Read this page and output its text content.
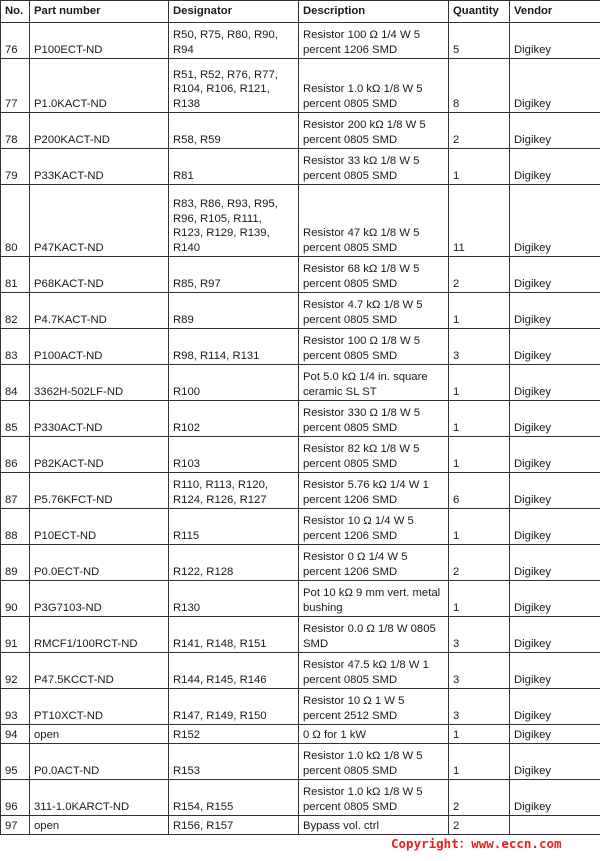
No.	Part number	Designator	Description	Quantity	Vendor
76	P100ECT-ND	R50, R75, R80, R90, R94	Resistor 100 Ω 1/4 W 5 percent 1206 SMD	5	Digikey
77	P1.0KACT-ND	R51, R52, R76, R77, R104, R106, R121, R138	Resistor 1.0 kΩ 1/8 W 5 percent 0805 SMD	8	Digikey
78	P200KACT-ND	R58, R59	Resistor 200 kΩ 1/8 W 5 percent 0805 SMD	2	Digikey
79	P33KACT-ND	R81	Resistor 33 kΩ 1/8 W 5 percent 0805 SMD	1	Digikey
80	P47KACT-ND	R83, R86, R93, R95, R96, R105, R111, R123, R129, R139, R140	Resistor 47 kΩ 1/8 W 5 percent 0805 SMD	11	Digikey
81	P68KACT-ND	R85, R97	Resistor 68 kΩ 1/8 W 5 percent 0805 SMD	2	Digikey
82	P4.7KACT-ND	R89	Resistor 4.7 kΩ 1/8 W 5 percent 0805 SMD	1	Digikey
83	P100ACT-ND	R98, R114, R131	Resistor 100 Ω 1/8 W 5 percent 0805 SMD	3	Digikey
84	3362H-502LF-ND	R100	Pot 5.0 kΩ 1/4 in. square ceramic SL ST	1	Digikey
85	P330ACT-ND	R102	Resistor 330 Ω 1/8 W 5 percent 0805 SMD	1	Digikey
86	P82KACT-ND	R103	Resistor 82 kΩ 1/8 W 5 percent 0805 SMD	1	Digikey
87	P5.76KFCT-ND	R110, R113, R120, R124, R126, R127	Resistor 5.76 kΩ 1/4 W 1 percent 1206 SMD	6	Digikey
88	P10ECT-ND	R115	Resistor 10 Ω 1/4 W 5 percent 1206 SMD	1	Digikey
89	P0.0ECT-ND	R122, R128	Resistor 0 Ω 1/4 W 5 percent 1206 SMD	2	Digikey
90	P3G7103-ND	R130	Pot 10 kΩ 9 mm vert. metal bushing	1	Digikey
91	RMCF1/100RCT-ND	R141, R148, R151	Resistor 0.0 Ω 1/8 W 0805 SMD	3	Digikey
92	P47.5KCCT-ND	R144, R145, R146	Resistor 47.5 kΩ 1/8 W 1 percent 0805 SMD	3	Digikey
93	PT10XCT-ND	R147, R149, R150	Resistor 10 Ω 1 W 5 percent 2512 SMD	3	Digikey
94	open	R152	0 Ω for 1 kW	1	Digikey
95	P0.0ACT-ND	R153	Resistor 1.0 kΩ 1/8 W 5 percent 0805 SMD	1	Digikey
96	311-1.0KARCT-ND	R154, R155	Resistor 1.0 kΩ 1/8 W 5 percent 0805 SMD	2	Digikey
97	open	R156, R157	Bypass vol. ctrl	2	
Copyright：www.eccn.com
